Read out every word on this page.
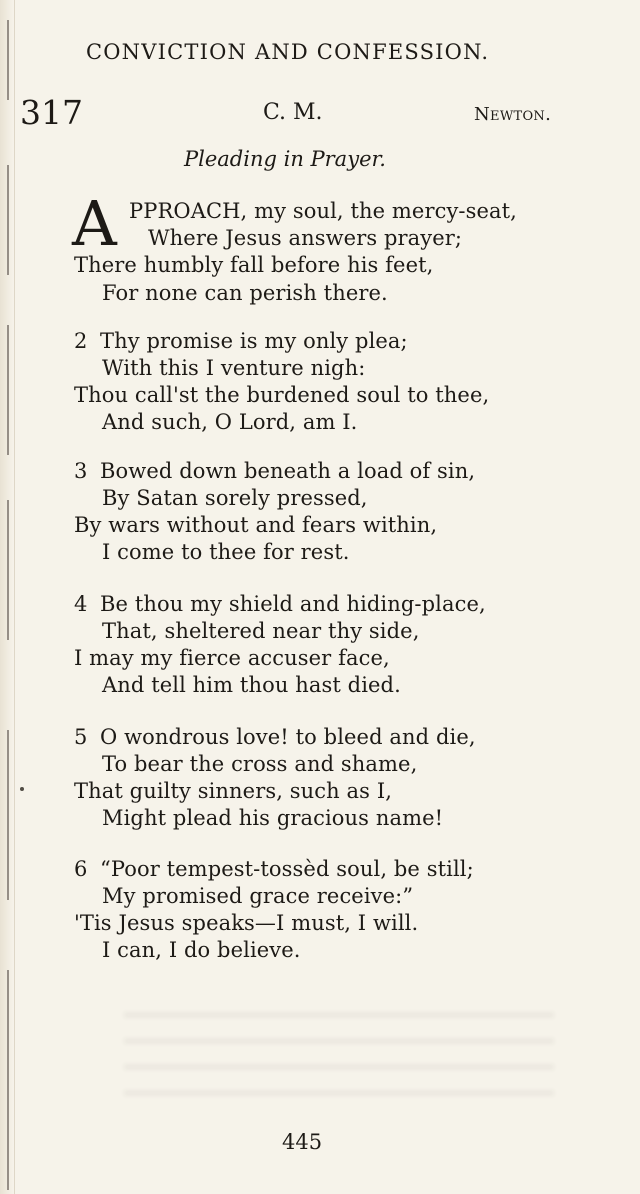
CONVICTION AND CONFESSION.
317	C. M.	Newton.
Pleading in Prayer.
A PPROACH, my soul, the mercy-seat,
Where Jesus answers prayer;
There humbly fall before his feet,
For none can perish there.
2 Thy promise is my only plea;
With this I venture nigh:
Thou call'st the burdened soul to thee,
And such, O Lord, am I.
3 Bowed down beneath a load of sin,
By Satan sorely pressed,
By wars without and fears within,
I come to thee for rest.
4 Be thou my shield and hiding-place,
That, sheltered near thy side,
I may my fierce accuser face,
And tell him thou hast died.
5 O wondrous love! to bleed and die,
To bear the cross and shame,
That guilty sinners, such as I,
Might plead his gracious name!
6 “Poor tempest-tossèd soul, be still;
My promised grace receive:”
'Tis Jesus speaks—I must, I will.
I can, I do believe.
445
